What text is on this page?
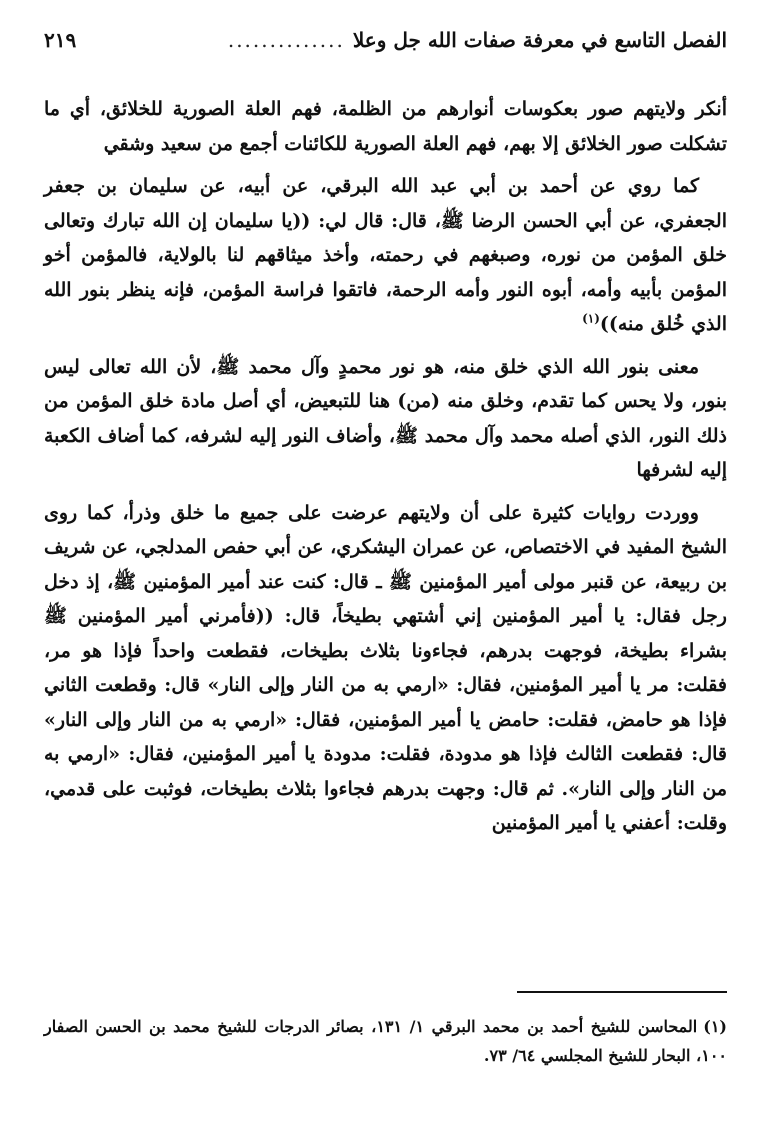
الفصل التاسع في معرفة صفات الله جل وعلا
..............
٢١٩

أنكر ولايتهم صور بعكوسات أنوارهم من الظلمة، فهم العلة الصورية للخلائق، أي ما تشكلت صور الخلائق إلا بهم، فهم العلة الصورية للكائنات أجمع من سعيد وشقي

كما روي عن أحمد بن أبي عبد الله البرقي، عن أبيه، عن سليمان بن جعفر الجعفري، عن أبي الحسن الرضا ﷺ، قال: قال لي: ((يا سليمان إن الله تبارك وتعالى خلق المؤمن من نوره، وصبغهم في رحمته، وأخذ ميثاقهم لنا بالولاية، فالمؤمن أخو المؤمن بأبيه وأمه، أبوه النور وأمه الرحمة، فاتقوا فراسة المؤمن، فإنه ينظر بنور الله الذي خُلق منه))$^{(١)}$

معنى بنور الله الذي خلق منه، هو نور محمدٍ وآل محمد ﷺ، لأن الله تعالى ليس بنور، ولا يحس كما تقدم، وخلق منه (من) هنا للتبعيض، أي أصل مادة خلق المؤمن من ذلك النور، الذي أصله محمد وآل محمد ﷺ، وأضاف النور إليه لشرفه، كما أضاف الكعبة إليه لشرفها

ووردت روايات كثيرة على أن ولايتهم عرضت على جميع ما خلق وذرأ، كما روى الشيخ المفيد في الاختصاص، عن عمران اليشكري، عن أبي حفص المدلجي، عن شريف بن ربيعة، عن قنبر مولى أمير المؤمنين ﷺ ـ قال: كنت عند أمير المؤمنين ﷺ، إذ دخل رجل فقال: يا أمير المؤمنين إني أشتهي بطيخاً، قال: ((فأمرني أمير المؤمنين ﷺ بشراء بطيخة، فوجهت بدرهم، فجاءونا بثلاث بطيخات، فقطعت واحداً فإذا هو مر، فقلت: مر يا أمير المؤمنين، فقال: «ارمي به من النار وإلى النار» قال: وقطعت الثاني فإذا هو حامض، فقلت: حامض يا أمير المؤمنين، فقال: «ارمي به من النار وإلى النار» قال: فقطعت الثالث فإذا هو مدودة، فقلت: مدودة يا أمير المؤمنين، فقال: «ارمي به من النار وإلى النار». ثم قال: وجهت بدرهم فجاءوا بثلاث بطيخات، فوثبت على قدمي، وقلت: أعفني يا أمير المؤمنين

(١)المحاسن للشيخ أحمد بن محمد البرقي ١/ ١٣١، بصائر الدرجات للشيخ محمد بن الحسن الصفار ١٠٠، البحار للشيخ المجلسي ٦٤/ ٧٣.
